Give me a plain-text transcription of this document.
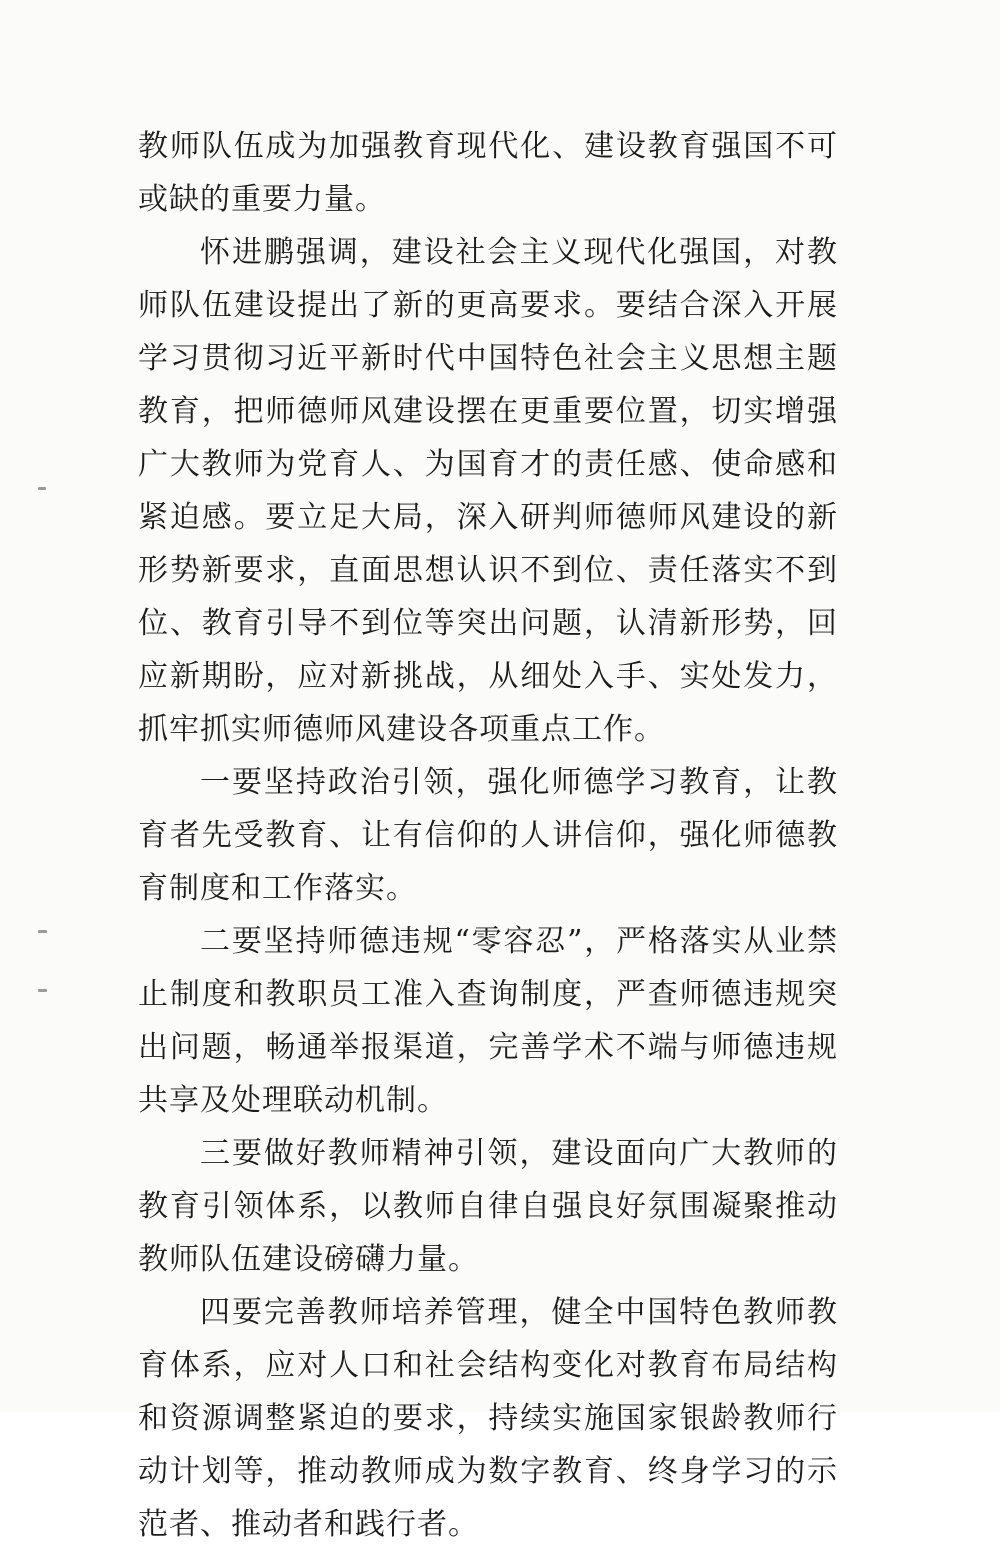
教师队伍成为加强教育现代化、建设教育强国不可或缺的重要力量。

怀进鹏强调，建设社会主义现代化强国，对教师队伍建设提出了新的更高要求。要结合深入开展学习贯彻习近平新时代中国特色社会主义思想主题教育，把师德师风建设摆在更重要位置，切实增强广大教师为党育人、为国育才的责任感、使命感和紧迫感。要立足大局，深入研判师德师风建设的新形势新要求，直面思想认识不到位、责任落实不到位、教育引导不到位等突出问题，认清新形势，回应新期盼，应对新挑战，从细处入手、实处发力，抓牢抓实师德师风建设各项重点工作。

一要坚持政治引领，强化师德学习教育，让教育者先受教育、让有信仰的人讲信仰，强化师德教育制度和工作落实。

二要坚持师德违规“零容忍”，严格落实从业禁止制度和教职员工准入查询制度，严查师德违规突出问题，畅通举报渠道，完善学术不端与师德违规共享及处理联动机制。

三要做好教师精神引领，建设面向广大教师的教育引领体系，以教师自律自强良好氛围凝聚推动教师队伍建设磅礴力量。

四要完善教师培养管理，健全中国特色教师教育体系，应对人口和社会结构变化对教育布局结构和资源调整紧迫的要求，持续实施国家银龄教师行动计划等，推动教师成为数字教育、终身学习的示范者、推动者和践行者。
